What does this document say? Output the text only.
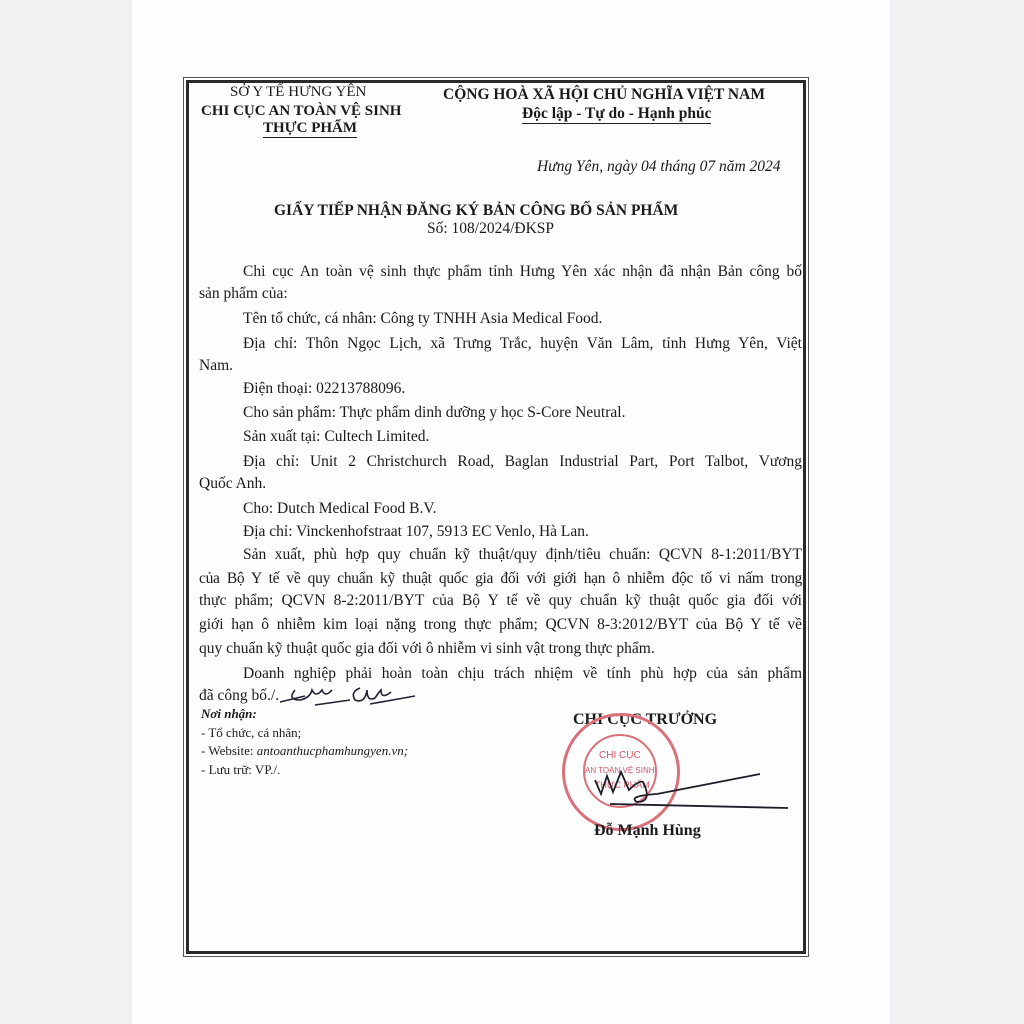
SỞ Y TẾ HƯNG YÊN
CHI CỤC AN TOÀN VỆ SINH
THỰC PHẨM
CỘNG HOÀ XÃ HỘI CHỦ NGHĨA VIỆT NAM
Độc lập - Tự do - Hạnh phúc
Hưng Yên, ngày 04 tháng 07 năm 2024
GIẤY TIẾP NHẬN ĐĂNG KÝ BẢN CÔNG BỐ SẢN PHẨM
Số: 108/2024/ĐKSP
Chi cục An toàn vệ sinh thực phẩm tỉnh Hưng Yên xác nhận đã nhận Bản công bố
sản phẩm của:
Tên tổ chức, cá nhân: Công ty TNHH Asia Medical Food.
Địa chỉ: Thôn Ngọc Lịch, xã Trưng Trắc, huyện Văn Lâm, tỉnh Hưng Yên, Việt
Nam.
Điện thoại: 02213788096.
Cho sản phẩm: Thực phẩm dinh dưỡng y học S-Core Neutral.
Sản xuất tại: Cultech Limited.
Địa chỉ: Unit 2 Christchurch Road, Baglan Industrial Part, Port Talbot, Vương
Quốc Anh.
Cho: Dutch Medical Food B.V.
Địa chỉ: Vinckenhofstraat 107, 5913 EC Venlo, Hà Lan.
Sản xuất, phù hợp quy chuẩn kỹ thuật/quy định/tiêu chuẩn: QCVN 8-1:2011/BYT
của Bộ Y tế về quy chuẩn kỹ thuật quốc gia đối với giới hạn ô nhiễm độc tố vi nấm trong
thực phẩm; QCVN 8-2:2011/BYT của Bộ Y tế về quy chuẩn kỹ thuật quốc gia đối với
giới hạn ô nhiễm kim loại nặng trong thực phẩm; QCVN 8-3:2012/BYT của Bộ Y tế về
quy chuẩn kỹ thuật quốc gia đối với ô nhiễm vi sinh vật trong thực phẩm.
Doanh nghiệp phải hoàn toàn chịu trách nhiệm về tính phù hợp của sản phẩm
đã công bố./.
Nơi nhận:
- Tổ chức, cá nhân;
- Website: antoanthucphamhungyen.vn;
- Lưu trữ: VP./.
CHI CỤC TRƯỞNG
CHI CỤC
AN TOÀN VỆ SINH
THỰC PHẨM
Đỗ Mạnh Hùng
